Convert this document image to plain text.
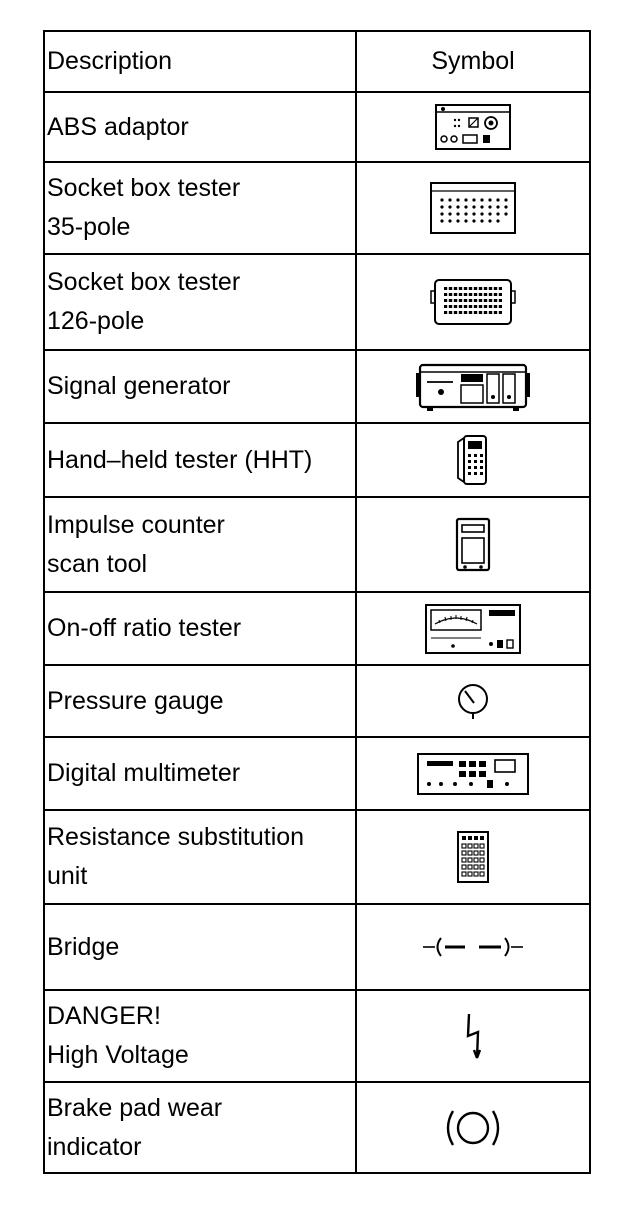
Description	Symbol

ABS adaptor

Socket box tester
35-pole

Socket box tester
126-pole

Signal generator

Hand–held tester (HHT)

Impulse counter
scan tool

On-off ratio tester

Pressure gauge

Digital multimeter

Resistance substitution
unit

Bridge

DANGER!
High Voltage

Brake pad wear
indicator
